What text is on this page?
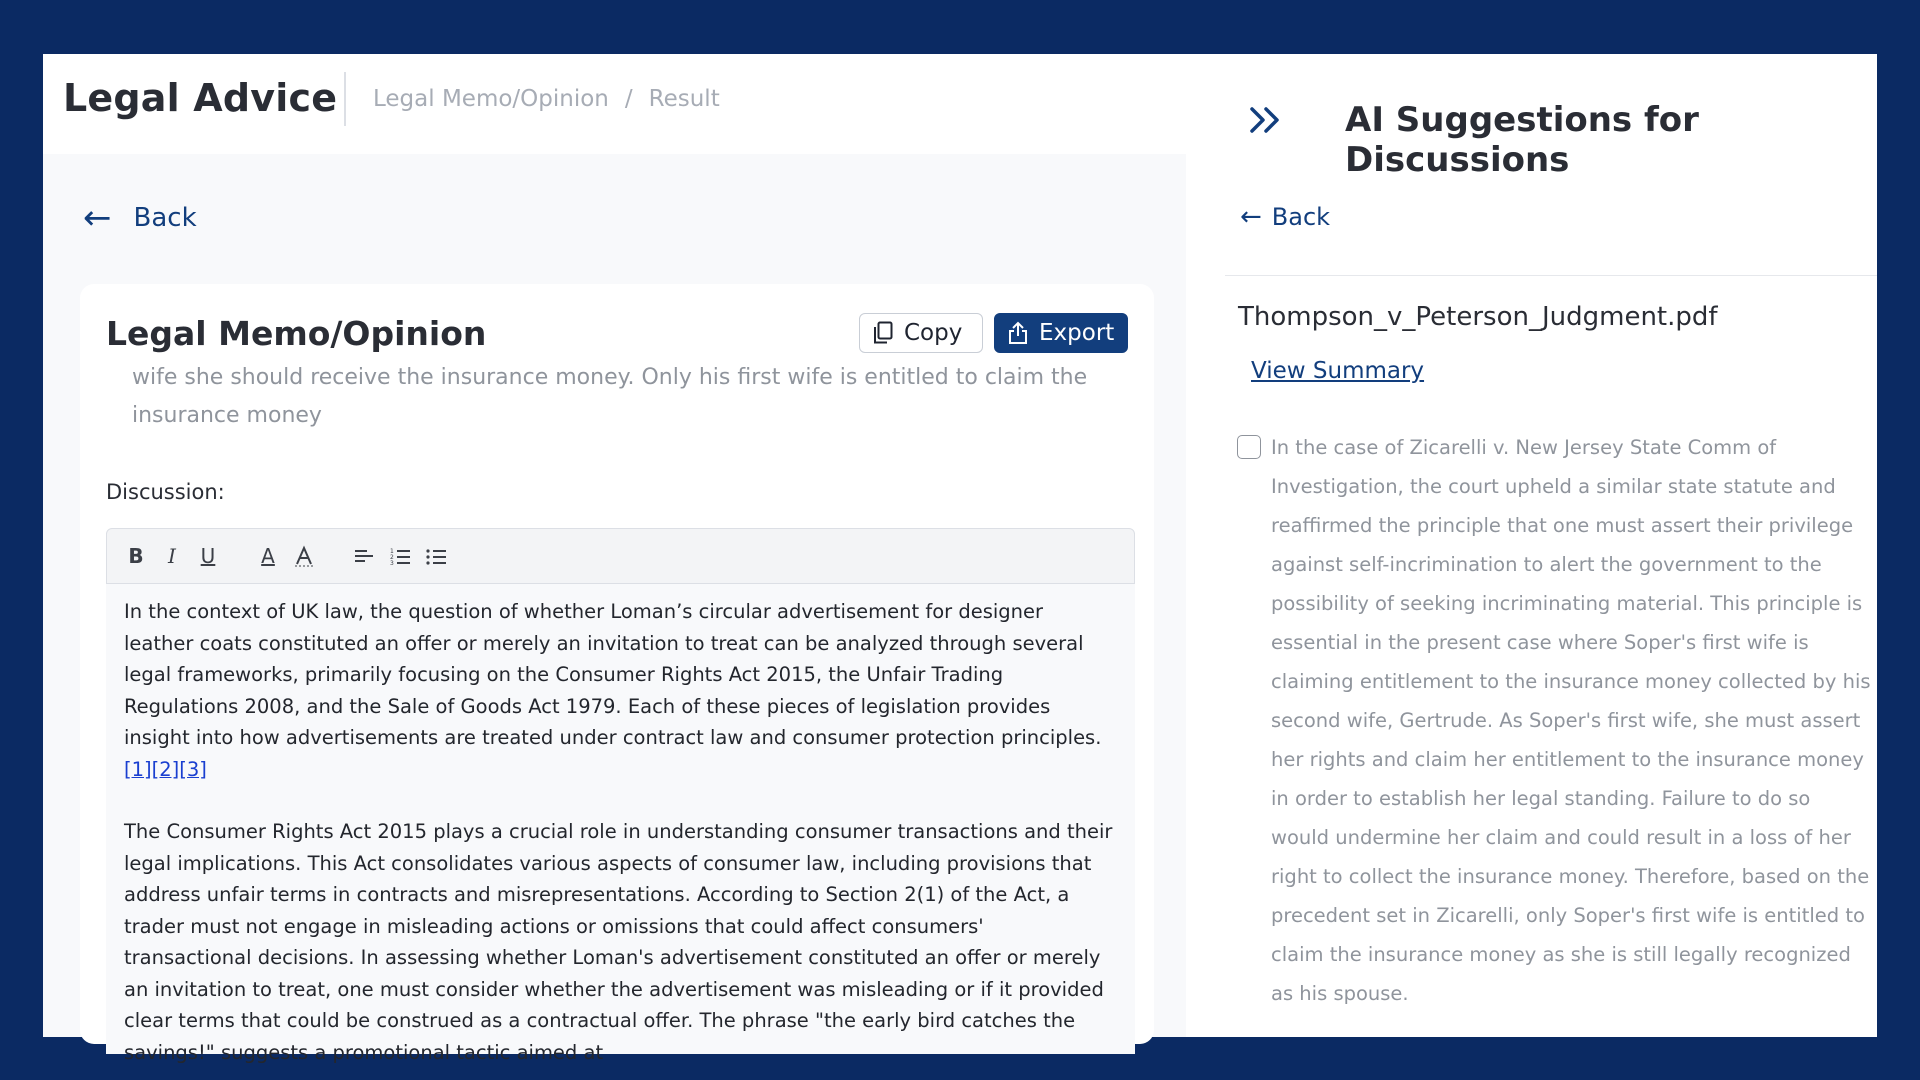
Legal Advice Legal Memo/Opinion / Result
← Back
Legal Memo/Opinion	Copy	Export
wife she should receive the insurance money. Only his first wife is entitled to claim the
insurance money
Discussion:
B	I	U	A	1
2
3

In the context of UK law, the question of whether Loman’s circular advertisement for designer leather coats constituted an offer or merely an invitation to treat can be analyzed through several legal frameworks, primarily focusing on the Consumer Rights Act 2015, the Unfair Trading Regulations 2008, and the Sale of Goods Act 1979. Each of these pieces of legislation provides insight into how advertisements are treated under contract law and consumer protection principles.[1][2][3]

The Consumer Rights Act 2015 plays a crucial role in understanding consumer transactions and their legal implications. This Act consolidates various aspects of consumer law, including provisions that address unfair terms in contracts and misrepresentations. According to Section 2(1) of the Act, a trader must not engage in misleading actions or omissions that could affect consumers' transactional decisions. In assessing whether Loman's advertisement constituted an offer or merely an invitation to treat, one must consider whether the advertisement was misleading or if it provided clear terms that could be construed as a contractual offer. The phrase "the early bird catches the savings!" suggests a promotional tactic aimed at

AI Suggestions for Discussions
← Back
Thompson_v_Peterson_Judgment.pdf
View Summary
In the case of Zicarelli v. New Jersey State Comm of Investigation, the court upheld a similar state statute and reaffirmed the principle that one must assert their privilege against self-incrimination to alert the government to the possibility of seeking incriminating material. This principle is essential in the present case where Soper's first wife is claiming entitlement to the insurance money collected by his second wife, Gertrude. As Soper's first wife, she must assert her rights and claim her entitlement to the insurance money in order to establish her legal standing. Failure to do so would undermine her claim and could result in a loss of her right to collect the insurance money. Therefore, based on the precedent set in Zicarelli, only Soper's first wife is entitled to claim the insurance money as she is still legally recognized as his spouse.
